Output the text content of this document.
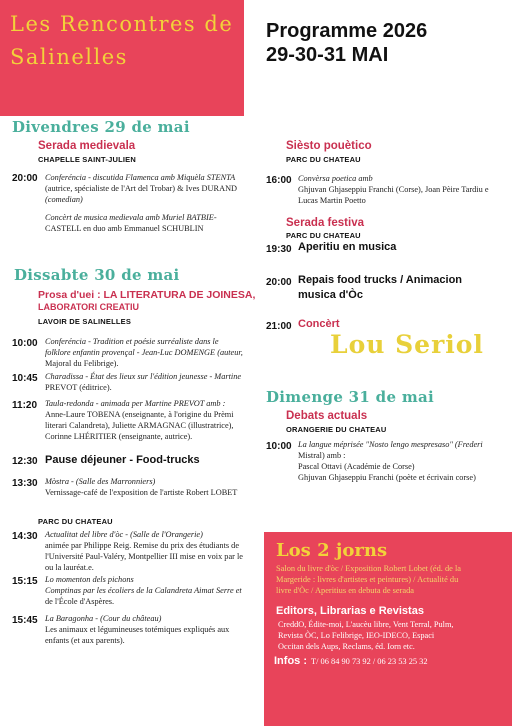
Les Rencontres de Salinelles
Programme 2026
29-30-31 MAI
Divendres 29 de mai
Serada medievala
CHAPELLE SAINT-JULIEN
20:00 Conferéncia - discutida Flamenca amb Miquèla STENTA
(autrice, spécialiste de l'Art del Trobar) & Ives DURAND
(comedian)
Concèrt de musica medievala amb Muriel BATBIE-
CASTELL en duo amb Emmanuel SCHUBLIN
Dissabte 30 de mai
Prosa d'uei : LA LITERATURA DE JOINESA,
LABORATORI CREATIU
LAVOIR DE SALINELLES
10:00 Conferéncia - Tradition et poésie surréaliste dans le
folklore enfantin provençal - Jean-Luc DOMENGE (auteur,
Majoral du Felibrige).
10:45 Charadissa - État des lieux sur l'édition jeunesse - Martine
PREVOT (éditrice).
11:20 Taula-redonda - animada per Martine PREVOT amb :
Anne-Laure TOBENA (enseignante, à l'origine du Prèmi
literari Calandreta), Juliette ARMAGNAC (illustratrice),
Corinne LHÉRITIER (enseignante, autrice).
12:30 Pause déjeuner - Food-trucks
13:30 Mòstra - (Salle des Marronniers)
Vernissage-café de l'exposition de l'artiste Robert LOBET
PARC DU CHATEAU
14:30 Actualitat del libre d'òc - (Salle de l'Orangerie)
animée par Philippe Reig. Remise du prix des étudiants de
l'Université Paul-Valéry, Montpellier III mise en voix par le
ou la lauréat.e.
15:15 Lo momenton dels pichons
Comptinas par les écoliers de la Calandreta Aimat Serre et
de l'École d'Aspères.
15:45 La Baragonha - (Cour du château)
Les animaux et légumineuses totémiques expliqués aux
enfants (et aux parents).
Sièsto pouètico
PARC DU CHATEAU
16:00 Convèrsa poetica amb
Ghjuvan Ghjaseppiu Franchi (Corse), Joan Pèire Tardiu e
Lucas Martin Poetto
Serada festiva
PARC DU CHATEAU
19:30 Aperitiu en musica
20:00 Repais food trucks / Animacion
musica d'Òc
21:00 Concèrt
Lou Seriol
Dimenge 31 de mai
Debats actuals
ORANGERIE DU CHATEAU
10:00 La langue méprisée "Nosto lengo mespresaso" (Frederi
Mistral) amb :
Pascal Ottavi (Académie de Corse)
Ghjuvan Ghjaseppiu Franchi (poète et écrivain corse)
Los 2 jorns
Salon du livre d'òc / Exposition Robert Lobet (éd. de la
Margeride : livres d'artistes et peintures) / Actualité du
livre d'Òc / Aperitius en debuta de serada
Editors, Librarias e Revistas
CreddO, Édite-moi, L'aucèu libre, Vent Terral, Pulm,
Revista ÒC, Lo Felibrige, IEO-IDECO, Espaci
Occitan dels Aups, Reclams, éd. Iorn etc.
Infos : T/ 06 84 90 73 92 / 06 23 53 25 32
